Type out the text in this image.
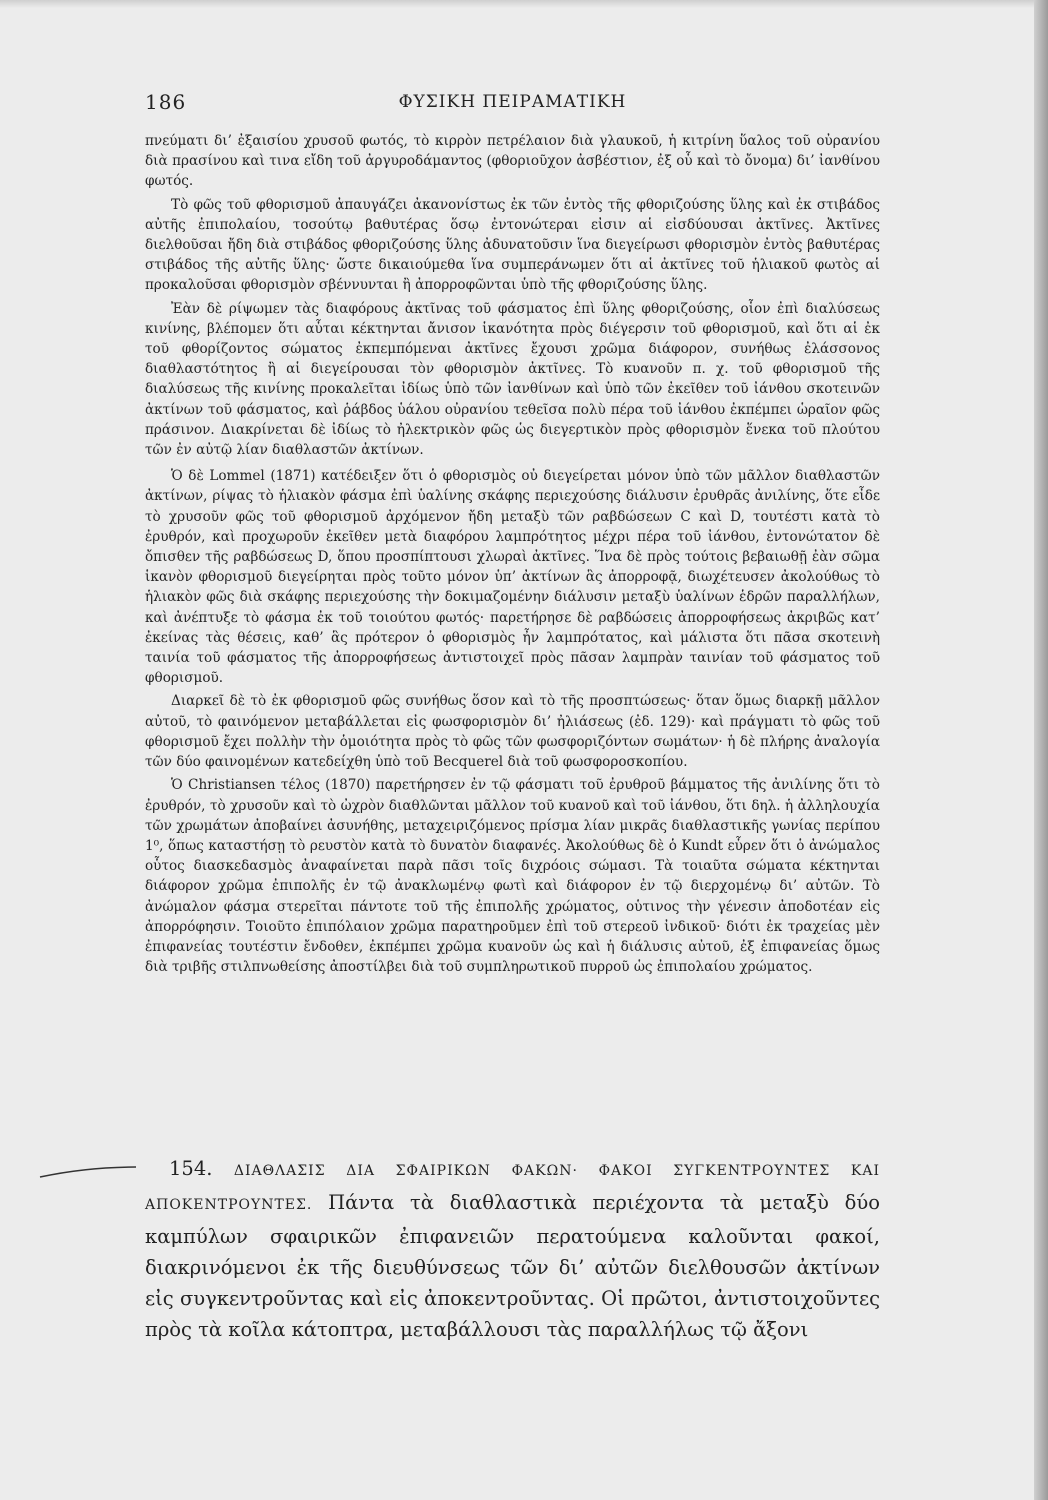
186	ΦΥΣΙΚΗ ΠΕΙΡΑΜΑΤΙΚΗ

πνεύματι δι’ ἐξαισίου χρυσοῦ φωτός, τὸ κιρρὸν πετρέλαιον διὰ γλαυκοῦ, ἡ κιτρίνη ὕαλος τοῦ οὐρανίου διὰ πρασίνου καὶ τινα εἴδη τοῦ ἀργυροδάμαντος (φθοριοῦχον ἀσβέστιον, ἐξ οὗ καὶ τὸ ὄνομα) δι’ ἰανθίνου φωτός.

Τὸ φῶς τοῦ φθορισμοῦ ἀπαυγάζει ἀκανονίστως ἐκ τῶν ἐντὸς τῆς φθοριζούσης ὕλης καὶ ἐκ στιβάδος αὐτῆς ἐπιπολαίου, τοσούτῳ βαθυτέρας ὅσῳ ἐντονώτεραι εἰσιν αἱ εἰσδύουσαι ἀκτῖνες. Ἀκτῖνες διελθοῦσαι ἤδη διὰ στιβάδος φθοριζούσης ὕλης ἀδυνατοῦσιν ἵνα διεγείρωσι φθορισμὸν ἐντὸς βαθυτέρας στιβάδος τῆς αὐτῆς ὕλης· ὥστε δικαιούμεθα ἵνα συμπεράνωμεν ὅτι αἱ ἀκτῖνες τοῦ ἡλιακοῦ φωτὸς αἱ προκαλοῦσαι φθορισμὸν σβέννυνται ἢ ἀπορροφῶνται ὑπὸ τῆς φθοριζούσης ὕλης.

Ἐὰν δὲ ρίψωμεν τὰς διαφόρους ἀκτῖνας τοῦ φάσματος ἐπὶ ὕλης φθοριζούσης, οἷον ἐπὶ διαλύσεως κινίνης, βλέπομεν ὅτι αὗται κέκτηνται ἄνισον ἱκανότητα πρὸς διέγερσιν τοῦ φθορισμοῦ, καὶ ὅτι αἱ ἐκ τοῦ φθορίζοντος σώματος ἐκπεμπόμεναι ἀκτῖνες ἔχουσι χρῶμα διάφορον, συνήθως ἐλάσσονος διαθλαστότητος ἢ αἱ διεγείρουσαι τὸν φθορισμὸν ἀκτῖνες. Τὸ κυανοῦν π. χ. τοῦ φθορισμοῦ τῆς διαλύσεως τῆς κινίνης προκαλεῖται ἰδίως ὑπὸ τῶν ἰανθίνων καὶ ὑπὸ τῶν ἐκεῖθεν τοῦ ἰάνθου σκοτεινῶν ἀκτίνων τοῦ φάσματος, καὶ ῥάβδος ὑάλου οὐρανίου τεθεῖσα πολὺ πέρα τοῦ ἰάνθου ἐκπέμπει ὡραῖον φῶς πράσινον. Διακρίνεται δὲ ἰδίως τὸ ἠλεκτρικὸν φῶς ὡς διεγερτικὸν πρὸς φθορισμὸν ἕνεκα τοῦ πλούτου τῶν ἐν αὐτῷ λίαν διαθλαστῶν ἀκτίνων.

Ὁ δὲ Lommel (1871) κατέδειξεν ὅτι ὁ φθορισμὸς οὐ διεγείρεται μόνον ὑπὸ τῶν μᾶλλον διαθλαστῶν ἀκτίνων, ρίψας τὸ ἡλιακὸν φάσμα ἐπὶ ὑαλίνης σκάφης περιεχούσης διάλυσιν ἐρυθρᾶς ἀνιλίνης, ὅτε εἶδε τὸ χρυσοῦν φῶς τοῦ φθορισμοῦ ἀρχόμενον ἤδη μεταξὺ τῶν ραβδώσεων C καὶ D, τουτέστι κατὰ τὸ ἐρυθρόν, καὶ προχωροῦν ἐκεῖθεν μετὰ διαφόρου λαμπρότητος μέχρι πέρα τοῦ ἰάνθου, ἐντονώτατον δὲ ὄπισθεν τῆς ραβδώσεως D, ὅπου προσπίπτουσι χλωραὶ ἀκτῖνες. Ἵνα δὲ πρὸς τούτοις βεβαιωθῇ ἐὰν σῶμα ἱκανὸν φθορισμοῦ διεγείρηται πρὸς τοῦτο μόνον ὑπ’ ἀκτίνων ἃς ἀπορροφᾷ, διωχέτευσεν ἀκολούθως τὸ ἡλιακὸν φῶς διὰ σκάφης περιεχούσης τὴν δοκιμαζομένην διάλυσιν μεταξὺ ὑαλίνων ἑδρῶν παραλλήλων, καὶ ἀνέπτυξε τὸ φάσμα ἐκ τοῦ τοιούτου φωτός· παρετήρησε δὲ ραβδώσεις ἀπορροφήσεως ἀκριβῶς κατ’ ἐκείνας τὰς θέσεις, καθ’ ἃς πρότερον ὁ φθορισμὸς ἦν λαμπρότατος, καὶ μάλιστα ὅτι πᾶσα σκοτεινὴ ταινία τοῦ φάσματος τῆς ἀπορροφήσεως ἀντιστοιχεῖ πρὸς πᾶσαν λαμπρὰν ταινίαν τοῦ φάσματος τοῦ φθορισμοῦ.

Διαρκεῖ δὲ τὸ ἐκ φθορισμοῦ φῶς συνήθως ὅσον καὶ τὸ τῆς προσπτώσεως· ὅταν ὅμως διαρκῇ μᾶλλον αὐτοῦ, τὸ φαινόμενον μεταβάλλεται εἰς φωσφορισμὸν δι’ ἠλιάσεως (ἐδ. 129)· καὶ πράγματι τὸ φῶς τοῦ φθορισμοῦ ἔχει πολλὴν τὴν ὁμοιότητα πρὸς τὸ φῶς τῶν φωσφοριζόντων σωμάτων· ἡ δὲ πλήρης ἀναλογία τῶν δύο φαινομένων κατεδείχθη ὑπὸ τοῦ Becquerel διὰ τοῦ φωσφοροσκοπίου.

Ὁ Christiansen τέλος (1870) παρετήρησεν ἐν τῷ φάσματι τοῦ ἐρυθροῦ βάμματος τῆς ἀνιλίνης ὅτι τὸ ἐρυθρόν, τὸ χρυσοῦν καὶ τὸ ὠχρὸν διαθλῶνται μᾶλλον τοῦ κυανοῦ καὶ τοῦ ἰάνθου, ὅτι δηλ. ἡ ἀλληλουχία τῶν χρωμάτων ἀποβαίνει ἀσυνήθης, μεταχειριζόμενος πρίσμα λίαν μικρᾶς διαθλαστικῆς γωνίας περίπου 1⁰, ὅπως καταστήσῃ τὸ ρευστὸν κατὰ τὸ δυνατὸν διαφανές. Ἀκολούθως δὲ ὁ Kundt εὗρεν ὅτι ὁ ἀνώμαλος οὗτος διασκεδασμὸς ἀναφαίνεται παρὰ πᾶσι τοῖς διχρόοις σώμασι. Τὰ τοιαῦτα σώματα κέκτηνται διάφορον χρῶμα ἐπιπολῆς ἐν τῷ ἀνακλωμένῳ φωτὶ καὶ διάφορον ἐν τῷ διερχομένῳ δι’ αὐτῶν. Τὸ ἀνώμαλον φάσμα στερεῖται πάντοτε τοῦ τῆς ἐπιπολῆς χρώματος, οὑτινος τὴν γένεσιν ἀποδοτέαν εἰς ἀπορρόφησιν. Τοιοῦτο ἐπιπόλαιον χρῶμα παρατηροῦμεν ἐπὶ τοῦ στερεοῦ ἰνδικοῦ· διότι ἐκ τραχείας μὲν ἐπιφανείας τουτέστιν ἔνδοθεν, ἐκπέμπει χρῶμα κυανοῦν ὡς καὶ ἡ διάλυσις αὐτοῦ, ἐξ ἐπιφανείας ὅμως διὰ τριβῆς στιλπνωθείσης ἀποστίλβει διὰ τοῦ συμπληρωτικοῦ πυρροῦ ὡς ἐπιπολαίου χρώματος.

154. ΔΙΑΘΛΑΣΙΣ ΔΙΑ ΣΦΑΙΡΙΚΩΝ ΦΑΚΩΝ· ΦΑΚΟΙ ΣΥΓΚΕΝΤΡΟΥΝΤΕΣ ΚΑΙ ΑΠΟΚΕΝΤΡΟΥΝΤΕΣ. Πάντα τὰ διαθλαστικὰ περιέχοντα τὰ μεταξὺ δύο καμπύλων σφαιρικῶν ἐπιφανειῶν περατούμενα καλοῦνται φακοί, διακρινόμενοι ἐκ τῆς διευθύνσεως τῶν δι’ αὐτῶν διελθουσῶν ἀκτίνων εἰς συγκεντροῦντας καὶ εἰς ἀποκεντροῦντας. Οἱ πρῶτοι, ἀντιστοιχοῦντες πρὸς τὰ κοῖλα κάτοπτρα, μεταβάλλουσι τὰς παραλλήλως τῷ ἄξονι
